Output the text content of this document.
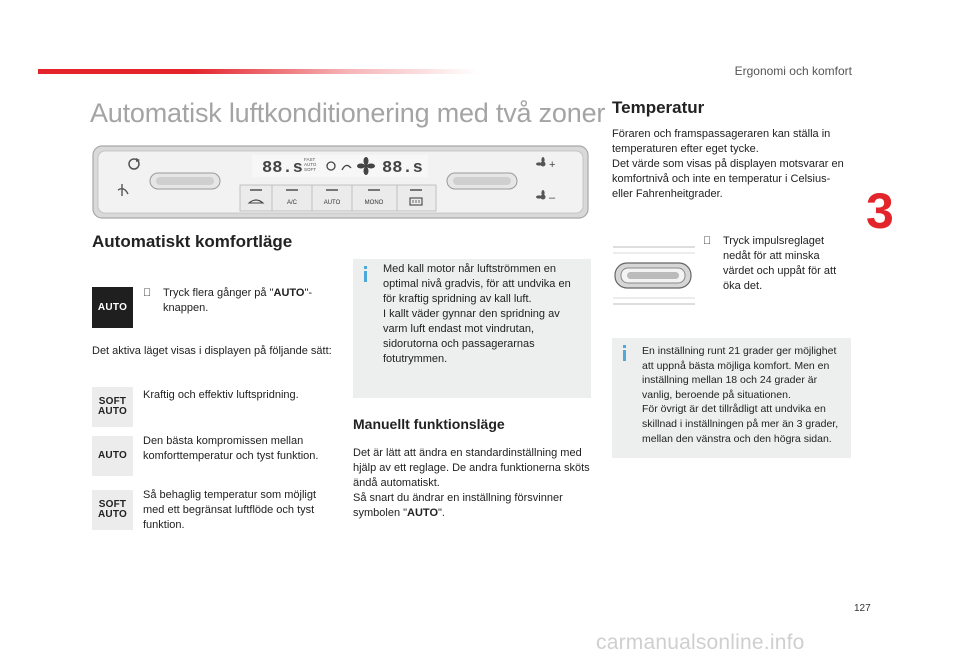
Ergonomi och komfort
3
Automatisk luftkonditionering med två zoner
88.s FAST
AUTO
SOFT	88.s	+
–
A/C	AUTO	MONO
Automatiskt komfortläge
AUTO
Tryck flera gånger på "AUTO"-knappen.
Det aktiva läget visas i displayen på följande sätt:
SOFT
AUTO
Kraftig och effektiv luftspridning.
AUTO
Den bästa kompromissen mellan komforttemperatur och tyst funktion.
SOFT
AUTO
Så behaglig temperatur som möjligt med ett begränsat luftflöde och tyst funktion.
Med kall motor når luftströmmen en optimal nivå gradvis, för att undvika en för kraftig spridning av kall luft.
I kallt väder gynnar den spridning av varm luft endast mot vindrutan, sidorutorna och passagerarnas fotutrymmen.
Manuellt funktionsläge
Det är lätt att ändra en standardinställning med hjälp av ett reglage. De andra funktionerna sköts ändå automatiskt.
Så snart du ändrar en inställning försvinner symbolen "AUTO".
Temperatur
Föraren och framspassageraren kan ställa in temperaturen efter eget tycke.
Det värde som visas på displayen motsvarar en komfortnivå och inte en temperatur i Celsius- eller Fahrenheitgrader.
Tryck impulsreglaget nedåt för att minska värdet och uppåt för att öka det.
En inställning runt 21 grader ger möjlighet att uppnå bästa möjliga komfort. Men en inställning mellan 18 och 24 grader är vanlig, beroende på situationen.
För övrigt är det tillrådligt att undvika en skillnad i inställningen på mer än 3 grader, mellan den vänstra och den högra sidan.
127
carmanualsonline.info
